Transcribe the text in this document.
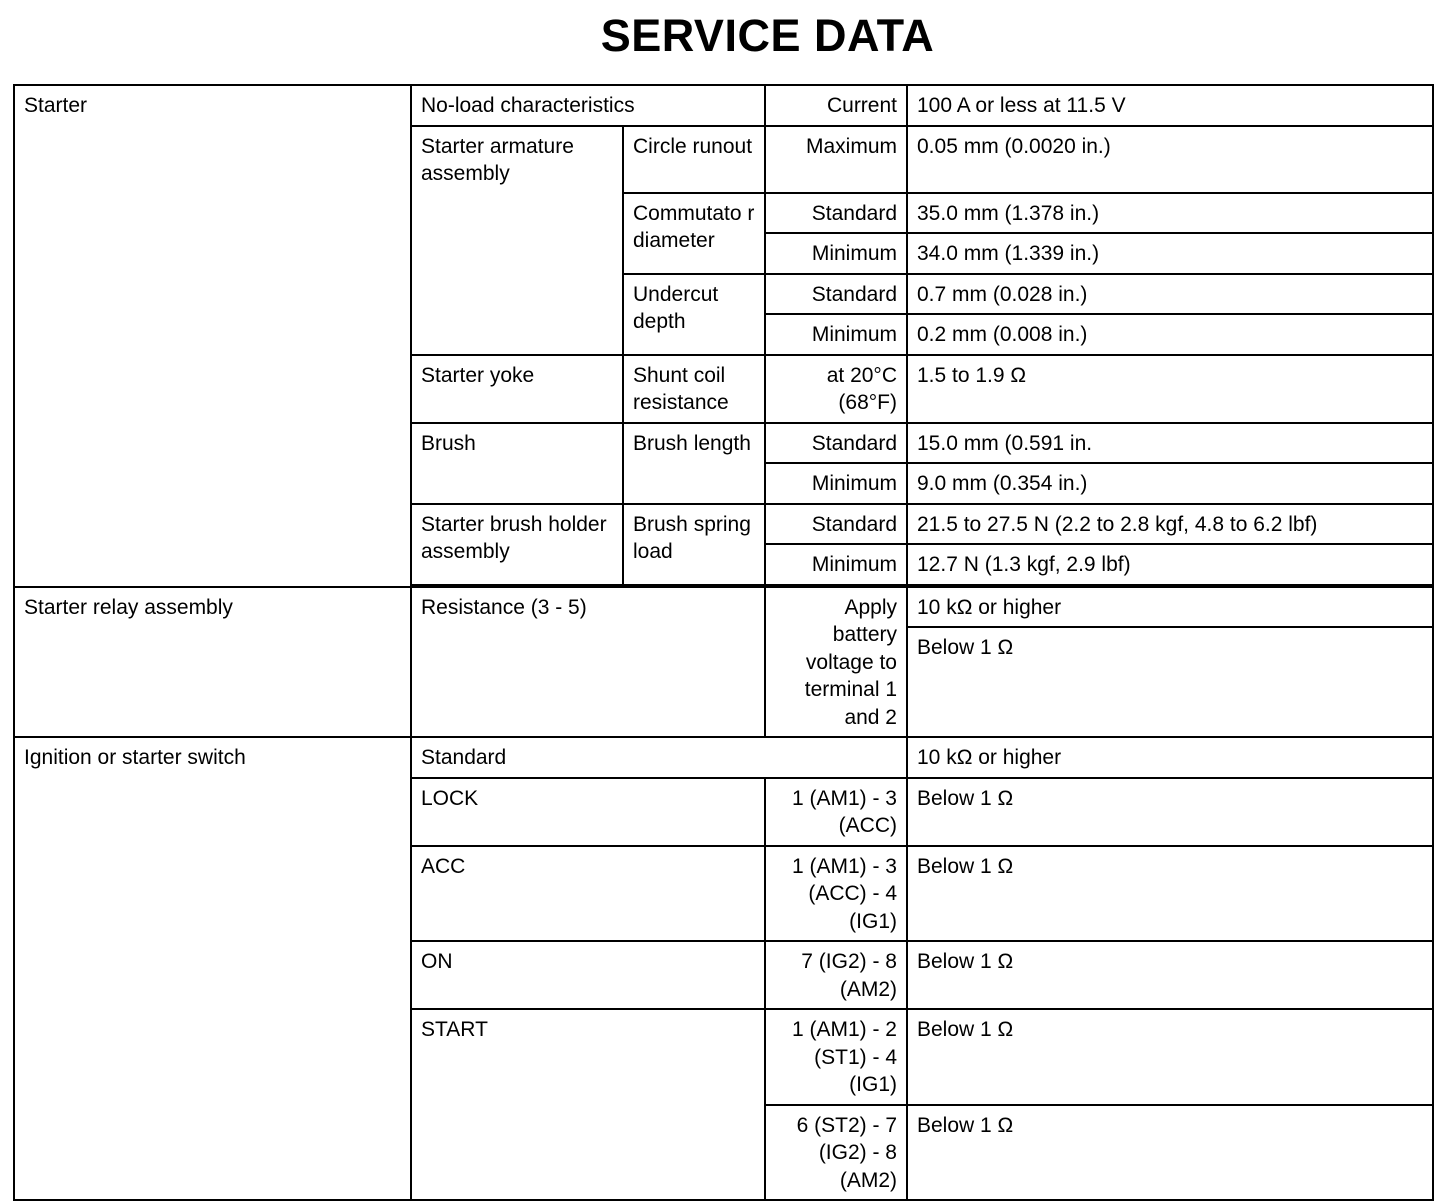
SERVICE DATA
Starter	No-load characteristics		Current	100 A or less at 11.5 V
	Starter armature assembly	Circle runout	Maximum	0.05 mm (0.0020 in.)
		Commutato r diameter	Standard	35.0 mm (1.378 in.)
			Minimum	34.0 mm (1.339 in.)
		Undercut depth	Standard	0.7 mm (0.028 in.)
			Minimum	0.2 mm (0.008 in.)
	Starter yoke	Shunt coil resistance	at 20°C (68°F)	1.5 to 1.9 Ω
	Brush	Brush length	Standard	15.0 mm (0.591 in.
			Minimum	9.0 mm (0.354 in.)
	Starter brush holder assembly	Brush spring load	Standard	21.5 to 27.5 N (2.2 to 2.8 kgf, 4.8 to 6.2 lbf)
			Minimum	12.7 N (1.3 kgf, 2.9 lbf)

Starter relay assembly	Resistance (3 - 5)		Apply battery voltage to terminal 1 and 2	10 kΩ or higher
				Below 1 Ω
Ignition or starter switch	Standard			10 kΩ or higher
	LOCK		1 (AM1) - 3 (ACC)	Below 1 Ω
	ACC		1 (AM1) - 3 (ACC) - 4 (IG1)	Below 1 Ω
	ON		7 (IG2) - 8 (AM2)	Below 1 Ω
	START		1 (AM1) - 2 (ST1) - 4 (IG1)	Below 1 Ω
			6 (ST2) - 7 (IG2) - 8 (AM2)	Below 1 Ω
